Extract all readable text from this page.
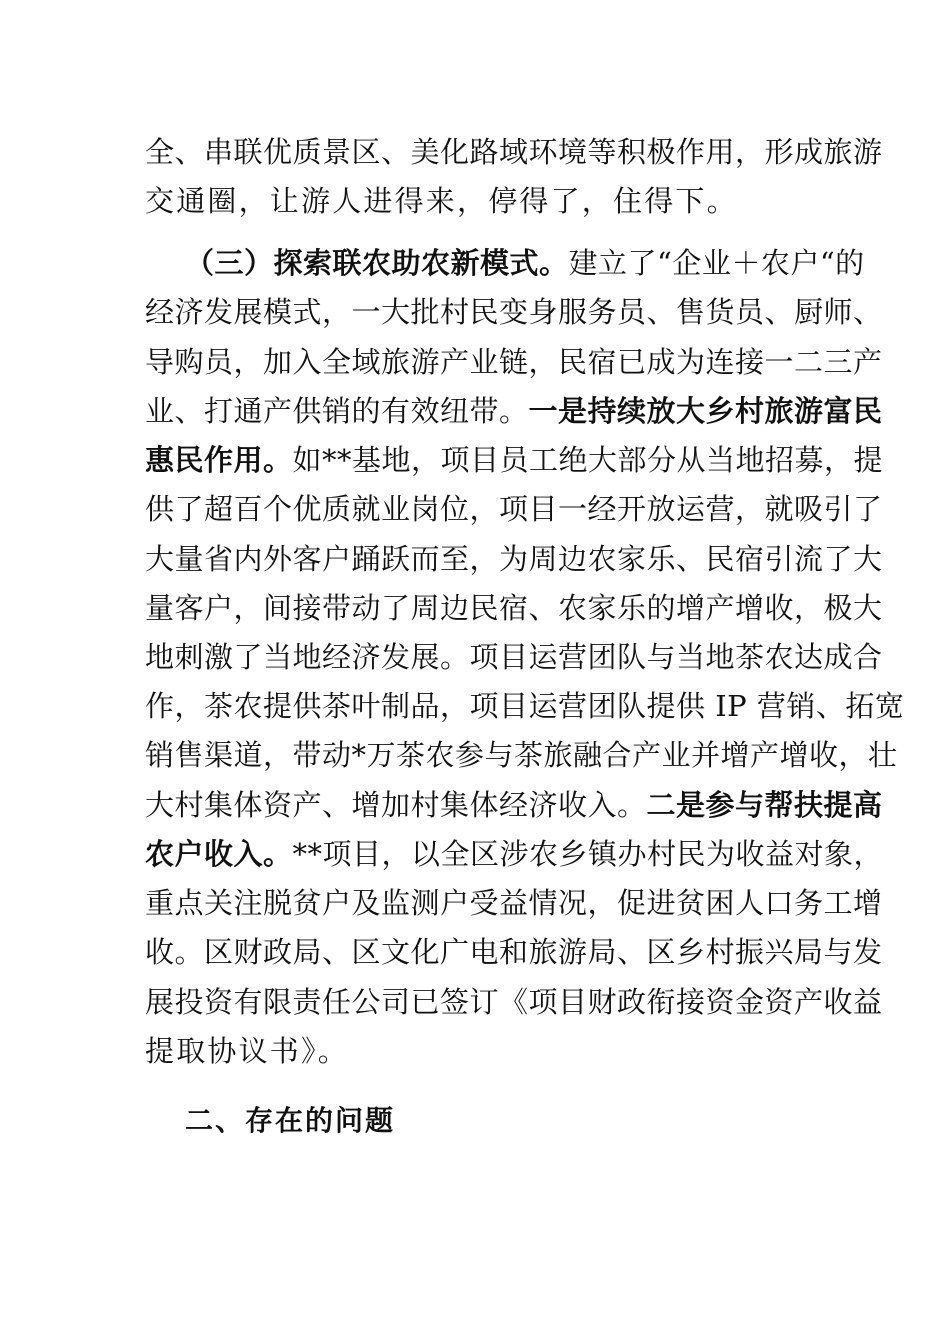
全、串联优质景区、美化路域环境等积极作用，形成旅游
交通圈，让游人进得来，停得了，住得下。
（三）探索联农助农新模式。建立了“企业＋农户“的
经济发展模式，一大批村民变身服务员、售货员、厨师、
导购员，加入全域旅游产业链，民宿已成为连接一二三产
业、打通产供销的有效纽带。一是持续放大乡村旅游富民
惠民作用。如**基地，项目员工绝大部分从当地招募，提
供了超百个优质就业岗位，项目一经开放运营，就吸引了
大量省内外客户踊跃而至，为周边农家乐、民宿引流了大
量客户，间接带动了周边民宿、农家乐的增产增收，极大
地刺激了当地经济发展。项目运营团队与当地茶农达成合
作，茶农提供茶叶制品，项目运营团队提供 IP 营销、拓宽
销售渠道，带动*万茶农参与茶旅融合产业并增产增收，壮
大村集体资产、增加村集体经济收入。二是参与帮扶提高
农户收入。**项目，以全区涉农乡镇办村民为收益对象，
重点关注脱贫户及监测户受益情况，促进贫困人口务工增
收。区财政局、区文化广电和旅游局、区乡村振兴局与发
展投资有限责任公司已签订《项目财政衔接资金资产收益
提取协议书》。
二、存在的问题
